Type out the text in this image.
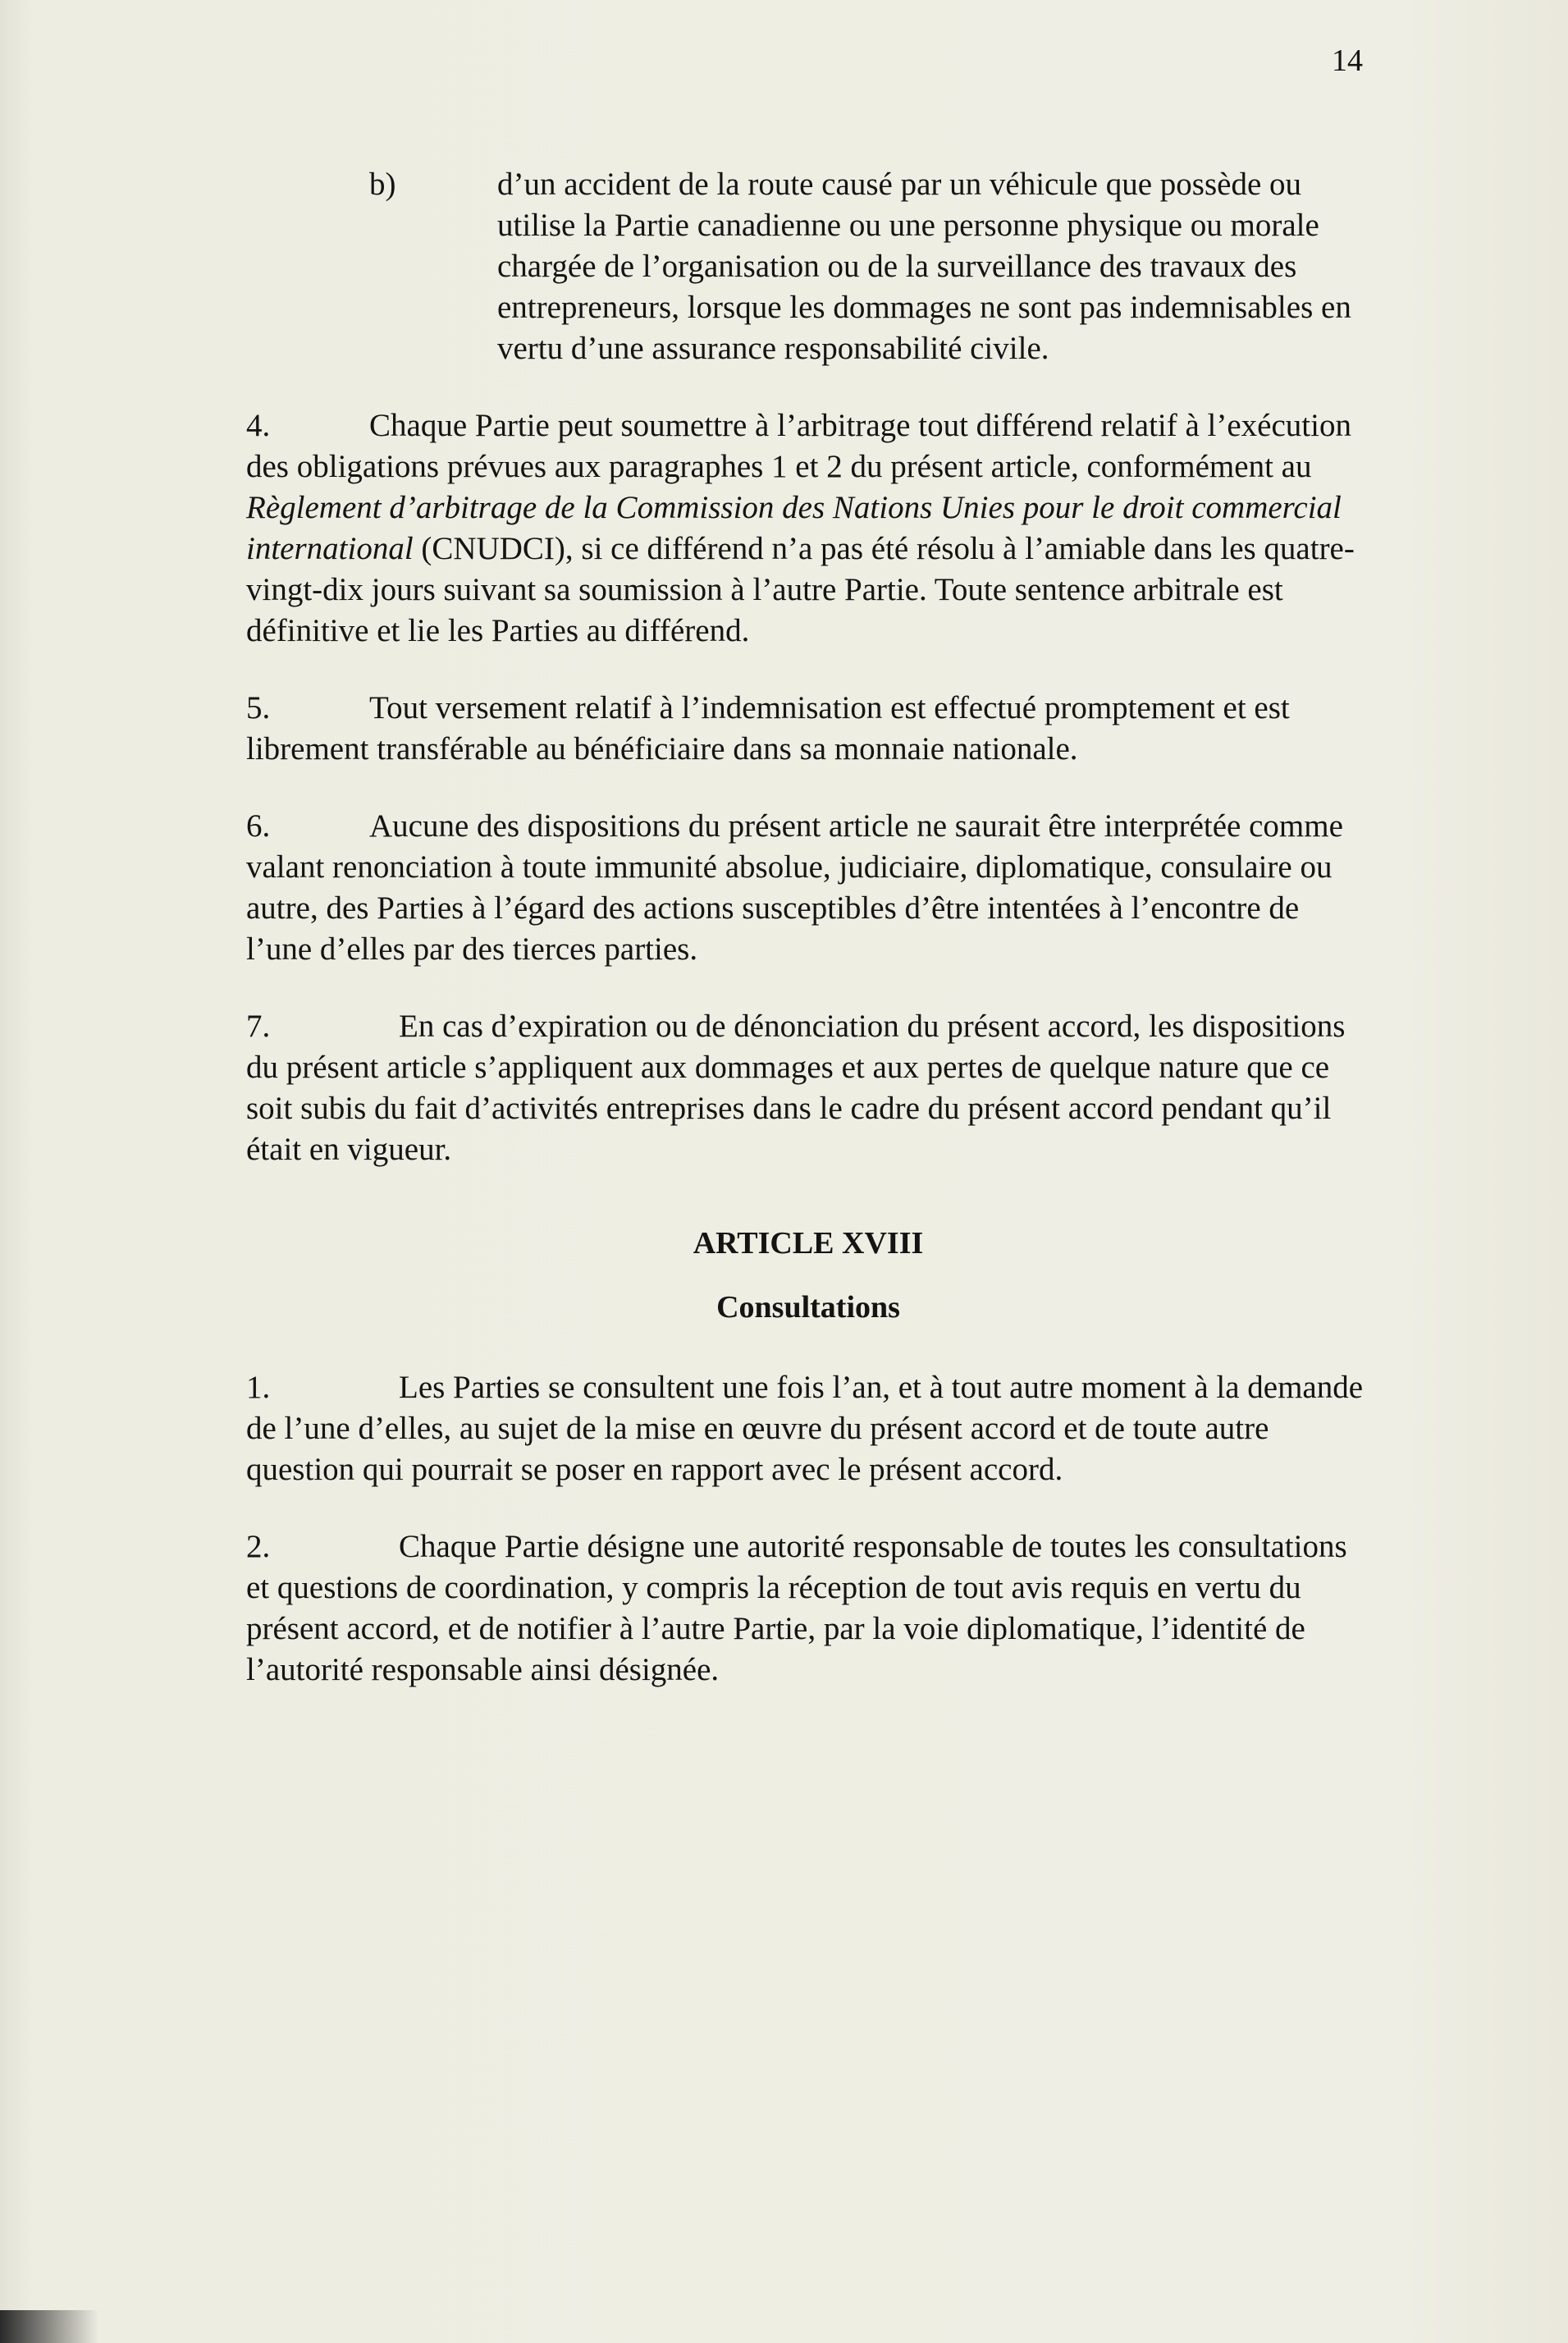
14
b)	d’un accident de la route causé par un véhicule que possède ou utilise la Partie canadienne ou une personne physique ou morale chargée de l’organisation ou de la surveillance des travaux des entrepreneurs, lorsque les dommages ne sont pas indemnisables en vertu d’une assurance responsabilité civile.

4.	Chaque Partie peut soumettre à l’arbitrage tout différend relatif à l’exécution des obligations prévues aux paragraphes 1 et 2 du présent article, conformément au Règlement d’arbitrage de la Commission des Nations Unies pour le droit commercial international (CNUDCI), si ce différend n’a pas été résolu à l’amiable dans les quatre-vingt-dix jours suivant sa soumission à l’autre Partie. Toute sentence arbitrale est définitive et lie les Parties au différend.

5.	Tout versement relatif à l’indemnisation est effectué promptement et est librement transférable au bénéficiaire dans sa monnaie nationale.

6.	Aucune des dispositions du présent article ne saurait être interprétée comme valant renonciation à toute immunité absolue, judiciaire, diplomatique, consulaire ou autre, des Parties à l’égard des actions susceptibles d’être intentées à l’encontre de l’une d’elles par des tierces parties.

7.	En cas d’expiration ou de dénonciation du présent accord, les dispositions du présent article s’appliquent aux dommages et aux pertes de quelque nature que ce soit subis du fait d’activités entreprises dans le cadre du présent accord pendant qu’il était en vigueur.

ARTICLE XVIII

Consultations

1.	Les Parties se consultent une fois l’an, et à tout autre moment à la demande de l’une d’elles, au sujet de la mise en œuvre du présent accord et de toute autre question qui pourrait se poser en rapport avec le présent accord.

2.	Chaque Partie désigne une autorité responsable de toutes les consultations et questions de coordination, y compris la réception de tout avis requis en vertu du présent accord, et de notifier à l’autre Partie, par la voie diplomatique, l’identité de l’autorité responsable ainsi désignée.
